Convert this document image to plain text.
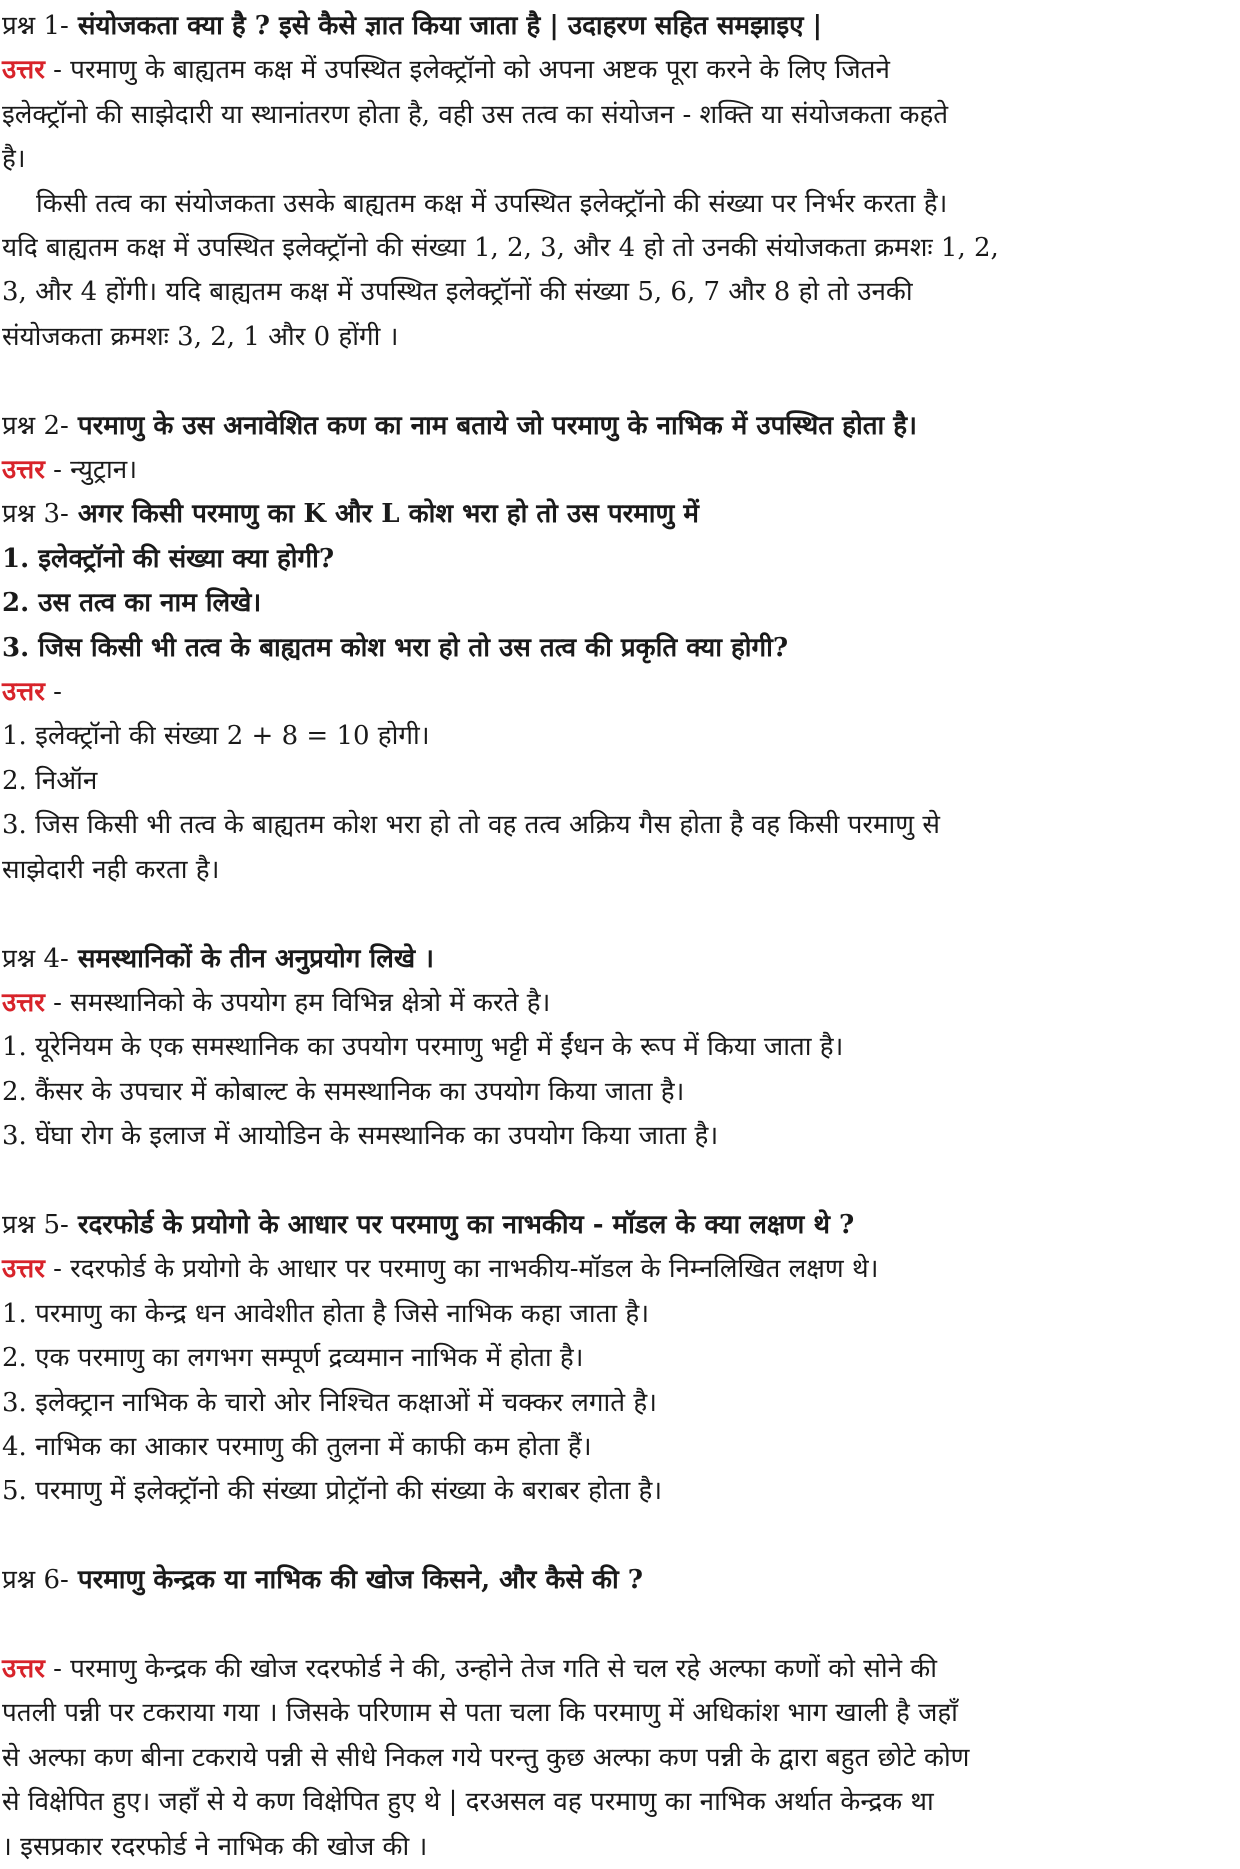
प्रश्न 1- संयोजकता क्या है ? इसे कैसे ज्ञात किया जाता है | उदाहरण सहित समझाइए |

उत्तर - परमाणु के बाह्यतम कक्ष में उपस्थित इलेक्ट्रॉनो को अपना अष्टक पूरा करने के लिए जितने

इलेक्ट्रॉनो की साझेदारी या स्थानांतरण होता है, वही उस तत्व का संयोजन - शक्ति या संयोजकता कहते

है।

किसी तत्व का संयोजकता उसके बाह्यतम कक्ष में उपस्थित इलेक्ट्रॉनो की संख्या पर निर्भर करता है।

यदि बाह्यतम कक्ष में उपस्थित इलेक्ट्रॉनो की संख्या 1, 2, 3, और 4 हो तो उनकी संयोजकता क्रमशः 1, 2,

3, और 4 होंगी। यदि बाह्यतम कक्ष में उपस्थित इलेक्ट्रॉनों की संख्या 5, 6, 7 और 8 हो तो उनकी

संयोजकता क्रमशः 3, 2, 1 और 0 होंगी ।

प्रश्न 2- परमाणु के उस अनावेशित कण का नाम बताये जो परमाणु के नाभिक में उपस्थित होता है।

उत्तर - न्युट्रान।

प्रश्न 3- अगर किसी परमाणु का K और L कोश भरा हो तो उस परमाणु में

1. इलेक्ट्रॉनो की संख्या क्या होगी?

2. उस तत्व का नाम लिखे।

3. जिस किसी भी तत्व के बाह्यतम कोश भरा हो तो उस तत्व की प्रकृति क्या होगी?

उत्तर -

1. इलेक्ट्रॉनो की संख्या 2 + 8 = 10 होगी।

2. निऑन

3. जिस किसी भी तत्व के बाह्यतम कोश भरा हो तो वह तत्व अक्रिय गैस होता है वह किसी परमाणु से

साझेदारी नही करता है।

प्रश्न 4- समस्थानिकों के तीन अनुप्रयोग लिखे ।

उत्तर - समस्थानिको के उपयोग हम विभिन्न क्षेत्रो में करते है।

1. यूरेनियम के एक समस्थानिक का उपयोग परमाणु भट्टी में ईंधन के रूप में किया जाता है।

2. कैंसर के उपचार में कोबाल्ट के समस्थानिक का उपयोग किया जाता है।

3. घेंघा रोग के इलाज में आयोडिन के समस्थानिक का उपयोग किया जाता है।

प्रश्न 5- रदरफोर्ड के प्रयोगो के आधार पर परमाणु का नाभकीय - मॉडल के क्या लक्षण थे ?

उत्तर - रदरफोर्ड के प्रयोगो के आधार पर परमाणु का नाभकीय-मॉडल के निम्नलिखित लक्षण थे।

1. परमाणु का केन्द्र धन आवेशीत होता है जिसे नाभिक कहा जाता है।

2. एक परमाणु का लगभग सम्पूर्ण द्रव्यमान नाभिक में होता है।

3. इलेक्ट्रान नाभिक के चारो ओर निश्चित कक्षाओं में चक्कर लगाते है।

4. नाभिक का आकार परमाणु की तुलना में काफी कम होता हैं।

5. परमाणु में इलेक्ट्रॉनो की संख्या प्रोट्रॉनो की संख्या के बराबर होता है।

प्रश्न 6- परमाणु केन्द्रक या नाभिक की खोज किसने, और कैसे की ?

उत्तर - परमाणु केन्द्रक की खोज रदरफोर्ड ने की, उन्होने तेज गति से चल रहे अल्फा कणों को सोने की

पतली पन्नी पर टकराया गया । जिसके परिणाम से पता चला कि परमाणु में अधिकांश भाग खाली है जहाँ

से अल्फा कण बीना टकराये पन्नी से सीधे निकल गये परन्तु कुछ अल्फा कण पन्नी के द्वारा बहुत छोटे कोण

से विक्षेपित हुए। जहाँ से ये कण विक्षेपित हुए थे | दरअसल वह परमाणु का नाभिक अर्थात केन्द्रक था

। इसप्रकार रदरफोर्ड ने नाभिक की खोज की ।
